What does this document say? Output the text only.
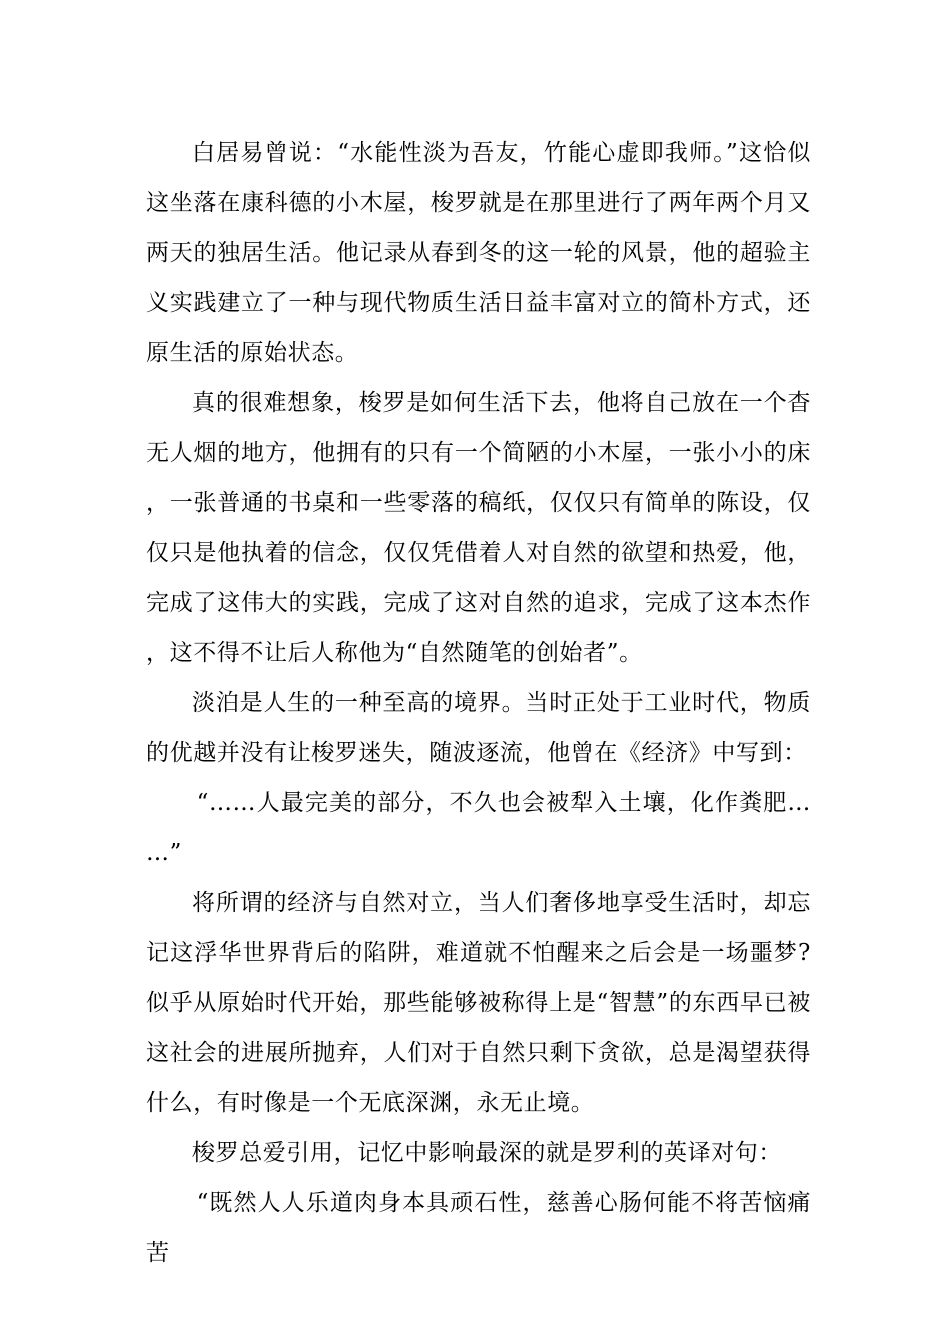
白居易曾说：“水能性淡为吾友，竹能心虚即我师。”这恰似这坐落在康科德的小木屋，梭罗就是在那里进行了两年两个月又两天的独居生活。他记录从春到冬的这一轮的风景，他的超验主义实践建立了一种与现代物质生活日益丰富对立的简朴方式，还原生活的原始状态。

真的很难想象，梭罗是如何生活下去，他将自己放在一个杳无人烟的地方，他拥有的只有一个简陋的小木屋，一张小小的床，一张普通的书桌和一些零落的稿纸，仅仅只有简单的陈设，仅仅只是他执着的信念，仅仅凭借着人对自然的欲望和热爱，他，完成了这伟大的实践，完成了这对自然的追求，完成了这本杰作，这不得不让后人称他为“自然随笔的创始者”。

淡泊是人生的一种至高的境界。当时正处于工业时代，物质的优越并没有让梭罗迷失，随波逐流，他曾在《经济》中写到：

“……人最完美的部分，不久也会被犁入土壤，化作粪肥……”

将所谓的经济与自然对立，当人们奢侈地享受生活时，却忘记这浮华世界背后的陷阱，难道就不怕醒来之后会是一场噩梦?似乎从原始时代开始，那些能够被称得上是“智慧”的东西早已被这社会的进展所抛弃，人们对于自然只剩下贪欲，总是渴望获得什么，有时像是一个无底深渊，永无止境。

梭罗总爱引用，记忆中影响最深的就是罗利的英译对句：

“既然人人乐道肉身本具顽石性，慈善心肠何能不将苦恼痛苦
